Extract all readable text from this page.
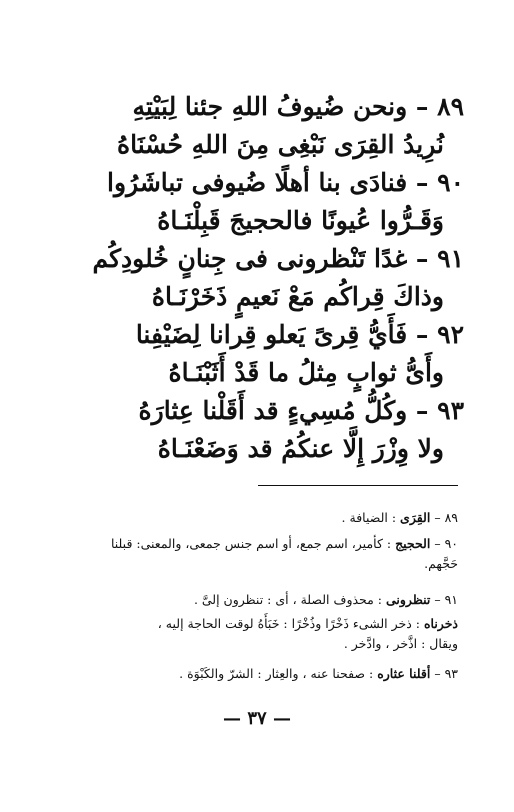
٨٩ – ونحن ضُيوفُ اللهِ جئنا لِبَيْتِهِ
نُرِيدُ القِرَى نَبْغِى مِنَ اللهِ حُسْنَاهُ
٩٠ – فنادَى بنا أهلًا ضُيوفى تباشَرُوا
وَقَـرُّوا عُيونًا فالحجيجَ قَبِلْنَـاهُ
٩١ – غدًا تَنْظرونى فى جِنانٍ خُلودِكُم
وذاكَ قِراكُم مَعْ نَعيمٍ ذَخَرْنَـاهُ
٩٢ – فَأَيُّ قِرىً يَعلو قِرانا لِضَيْفِنا
وأَىُّ ثوابٍ مِثلُ ما قَدْ أَثَبْنَـاهُ
٩٣ – وكُلُّ مُسِيءٍ قد أَقَلْنا عِثارَهُ
ولا وِزْرَ إِلَّا عنكُمُ قد وَضَعْنَـاهُ
٨٩ – القِرَى : الضيافة .
٩٠ – الحجيج : كأمير، اسم جمع، أو اسم جنس جمعى، والمعنى: قبلنا
حَجَّهم.
٩١ – تنظرونى : محذوف الصلة ، أى : تنظرون إلىَّ .
ذخرناه : ذخر الشىء ذَخْرًا وذُخْرًا : خَبَأَهُ لوقت الحاجة إليه ،
ويقال : اذَّخر ، وادَّخر .
٩٣ – أقلنا عثاره : صفحنا عنه ، والعِثار : الشرّ والكَبْوَة .
— ٣٧ —
